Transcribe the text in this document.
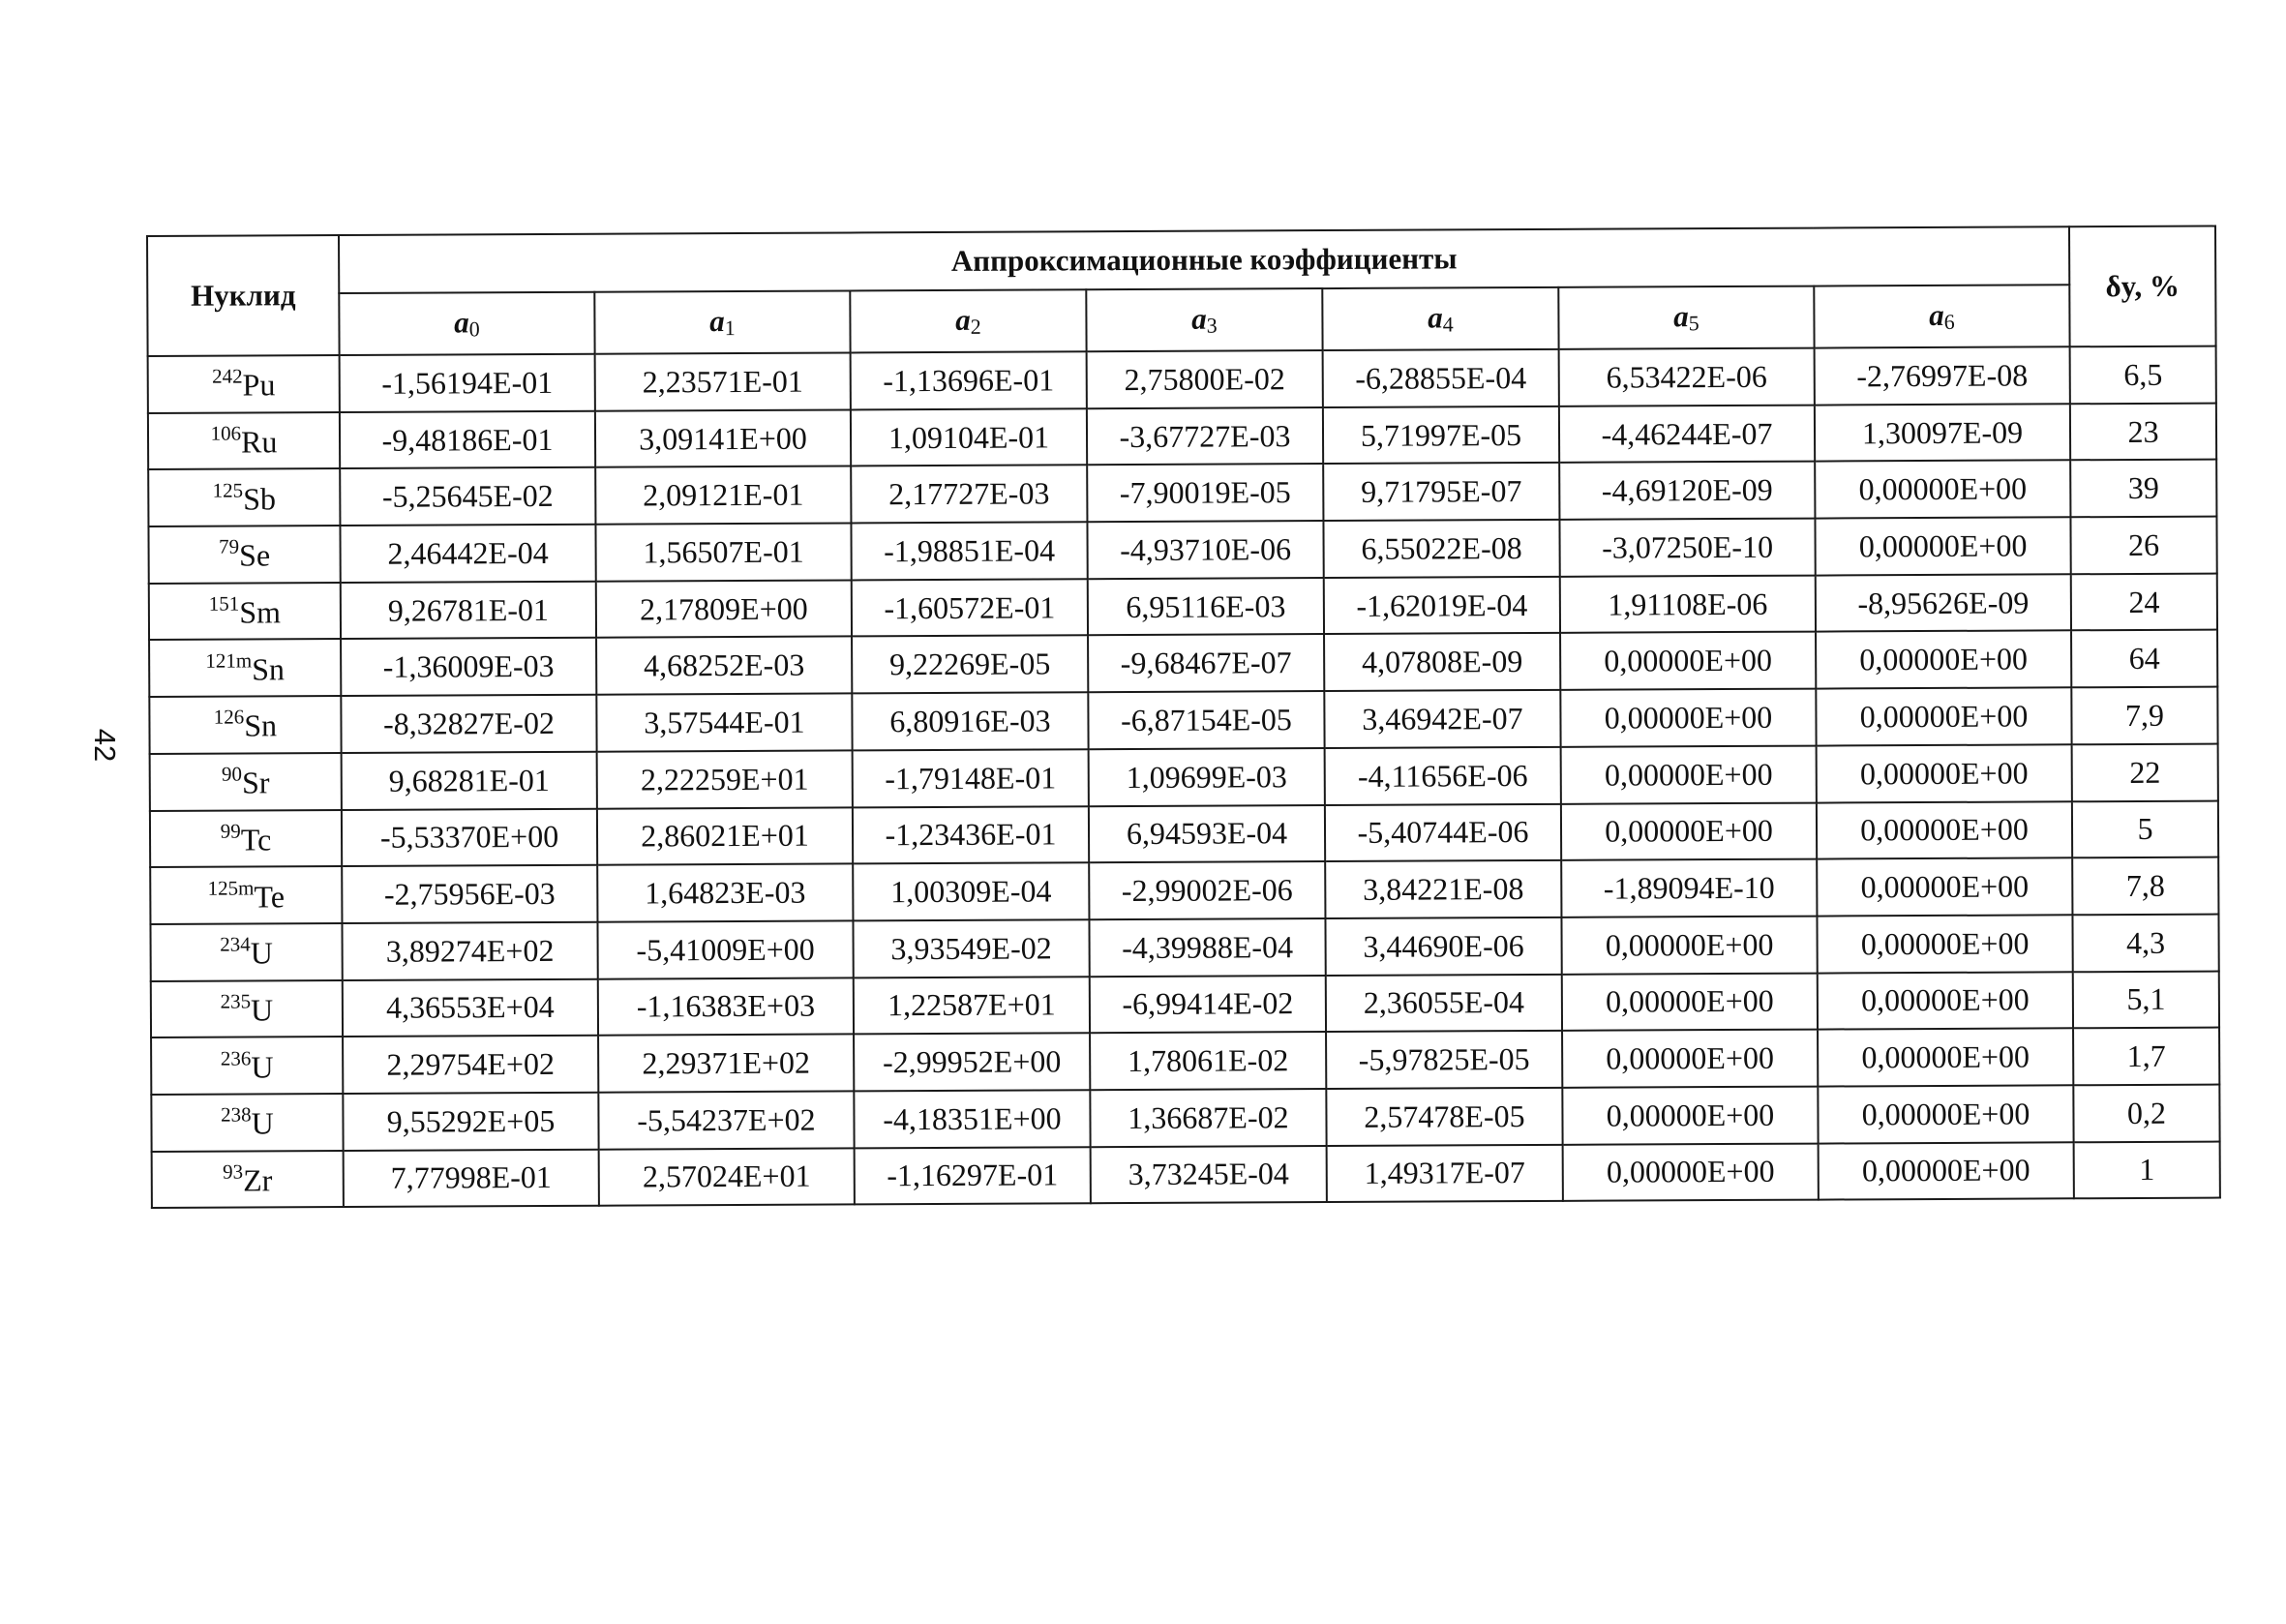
42
Нуклид	Аппроксимационные коэффициенты							δy, %
	$a_0$	$a_1$	$a_2$	$a_3$	$a_4$	$a_5$	$a_6$
$^{242}$Pu	-1,56194E-01	2,23571E-01	-1,13696E-01	2,75800E-02	-6,28855E-04	6,53422E-06	-2,76997E-08	6,5
$^{106}$Ru	-9,48186E-01	3,09141E+00	1,09104E-01	-3,67727E-03	5,71997E-05	-4,46244E-07	1,30097E-09	23
$^{125}$Sb	-5,25645E-02	2,09121E-01	2,17727E-03	-7,90019E-05	9,71795E-07	-4,69120E-09	0,00000E+00	39
$^{79}$Se	2,46442E-04	1,56507E-01	-1,98851E-04	-4,93710E-06	6,55022E-08	-3,07250E-10	0,00000E+00	26
$^{151}$Sm	9,26781E-01	2,17809E+00	-1,60572E-01	6,95116E-03	-1,62019E-04	1,91108E-06	-8,95626E-09	24
$^{121m}$Sn	-1,36009E-03	4,68252E-03	9,22269E-05	-9,68467E-07	4,07808E-09	0,00000E+00	0,00000E+00	64
$^{126}$Sn	-8,32827E-02	3,57544E-01	6,80916E-03	-6,87154E-05	3,46942E-07	0,00000E+00	0,00000E+00	7,9
$^{90}$Sr	9,68281E-01	2,22259E+01	-1,79148E-01	1,09699E-03	-4,11656E-06	0,00000E+00	0,00000E+00	22
$^{99}$Tc	-5,53370E+00	2,86021E+01	-1,23436E-01	6,94593E-04	-5,40744E-06	0,00000E+00	0,00000E+00	5
$^{125m}$Te	-2,75956E-03	1,64823E-03	1,00309E-04	-2,99002E-06	3,84221E-08	-1,89094E-10	0,00000E+00	7,8
$^{234}$U	3,89274E+02	-5,41009E+00	3,93549E-02	-4,39988E-04	3,44690E-06	0,00000E+00	0,00000E+00	4,3
$^{235}$U	4,36553E+04	-1,16383E+03	1,22587E+01	-6,99414E-02	2,36055E-04	0,00000E+00	0,00000E+00	5,1
$^{236}$U	2,29754E+02	2,29371E+02	-2,99952E+00	1,78061E-02	-5,97825E-05	0,00000E+00	0,00000E+00	1,7
$^{238}$U	9,55292E+05	-5,54237E+02	-4,18351E+00	1,36687E-02	2,57478E-05	0,00000E+00	0,00000E+00	0,2
$^{93}$Zr	7,77998E-01	2,57024E+01	-1,16297E-01	3,73245E-04	1,49317E-07	0,00000E+00	0,00000E+00	1
